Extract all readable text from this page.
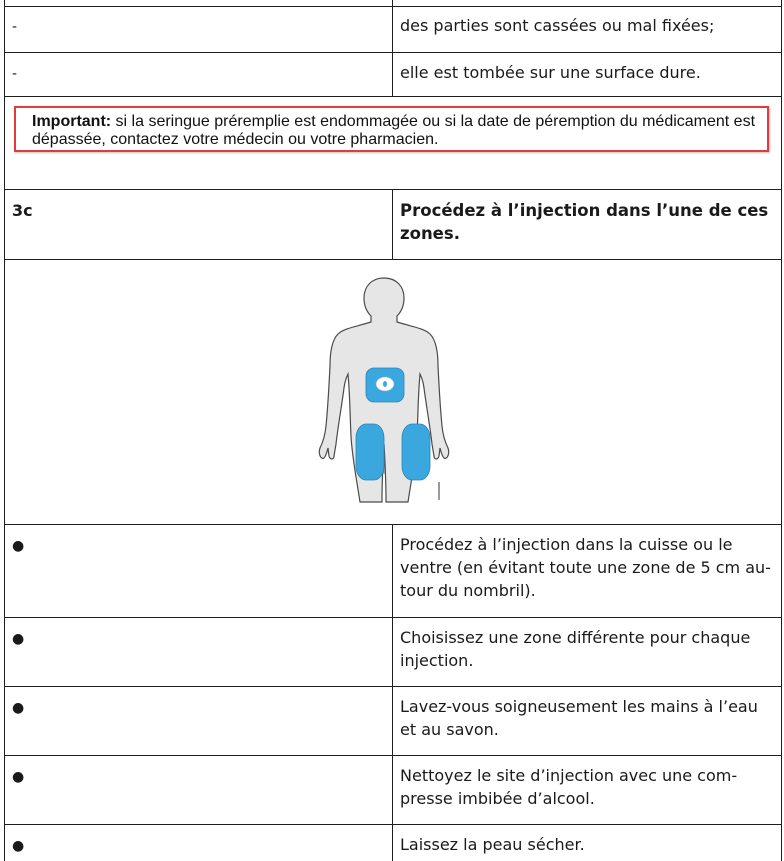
-	des parties sont cassées ou mal fixées;
-	elle est tombée sur une surface dure.
Important: si la seringue préremplie est endommagée ou si la date de péremption du médicament est dépassée, contactez votre médecin ou votre pharmacien.
3c	Procédez à l’injection dans l’une de ces zones.
●	Procédez à l’injection dans la cuisse ou le ventre (en évitant toute une zone de 5 cm au-tour du nombril).
●	Choisissez une zone différente pour chaque injection.
●	Lavez-vous soigneusement les mains à l’eau et au savon.
●	Nettoyez le site d’injection avec une com-presse imbibée d’alcool.
●	Laissez la peau sécher.
